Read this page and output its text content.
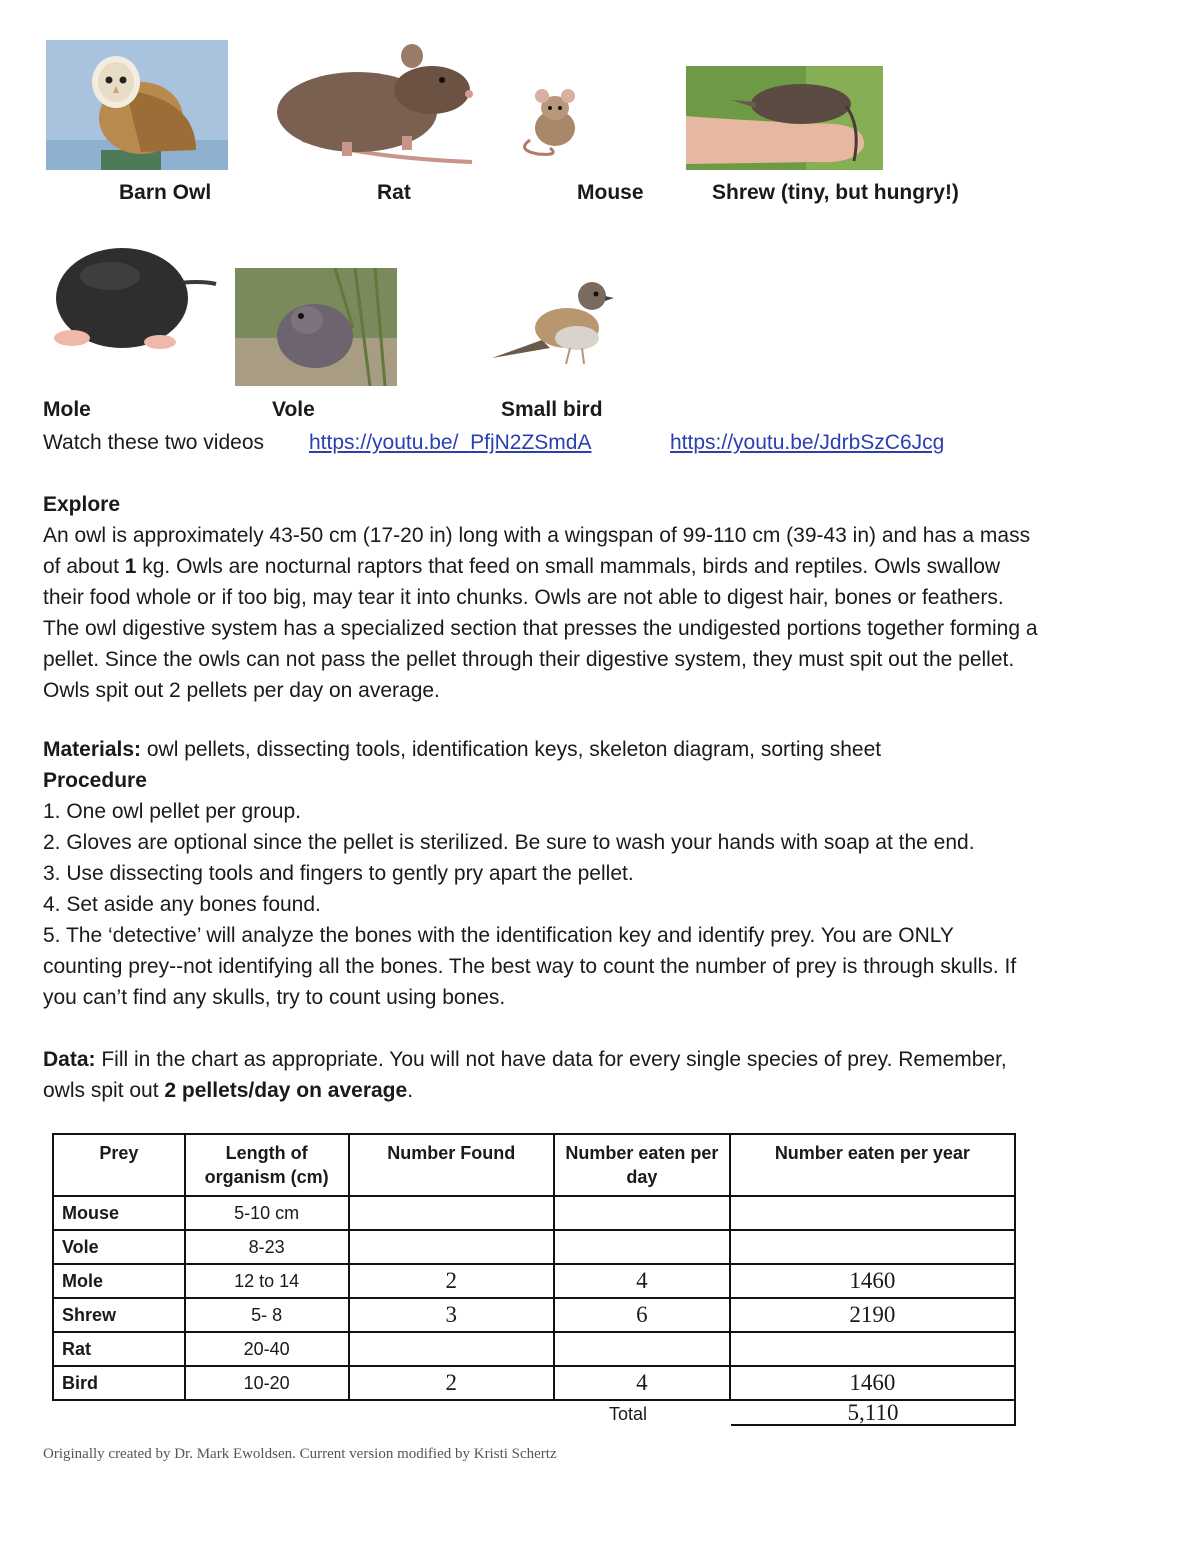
Barn Owl	Rat	Mouse	Shrew (tiny, but hungry!)
Mole	Vole	Small bird
Watch these two videos https://youtu.be/_PfjN2ZSmdA	https://youtu.be/JdrbSzC6Jcg
Explore
An owl is approximately 43-50 cm (17-20 in) long with a wingspan of 99-110 cm (39-43 in) and has a mass
of about 1 kg. Owls are nocturnal raptors that feed on small mammals, birds and reptiles. Owls swallow
their food whole or if too big, may tear it into chunks. Owls are not able to digest hair, bones or feathers.
The owl digestive system has a specialized section that presses the undigested portions together forming a
pellet. Since the owls can not pass the pellet through their digestive system, they must spit out the pellet.
Owls spit out 2 pellets per day on average.
Materials: owl pellets, dissecting tools, identification keys, skeleton diagram, sorting sheet
Procedure
1. One owl pellet per group.
2. Gloves are optional since the pellet is sterilized. Be sure to wash your hands with soap at the end.
3. Use dissecting tools and fingers to gently pry apart the pellet.
4. Set aside any bones found.
5. The ‘detective’ will analyze the bones with the identification key and identify prey. You are ONLY
counting prey--not identifying all the bones. The best way to count the number of prey is through skulls. If
you can’t find any skulls, try to count using bones.
Data: Fill in the chart as appropriate. You will not have data for every single species of prey. Remember,
owls spit out 2 pellets/day on average.
Prey	Length of organism (cm)	Number Found	Number eaten per day	Number eaten per year
Mouse	5-10 cm			
Vole	8-23			
Mole	12 to 14	2	4	1460
Shrew	5- 8	3	6	2190
Rat	20-40			
Bird	10-20	2	4	1460
Total	5,110
Originally created by Dr. Mark Ewoldsen. Current version modified by Kristi Schertz
